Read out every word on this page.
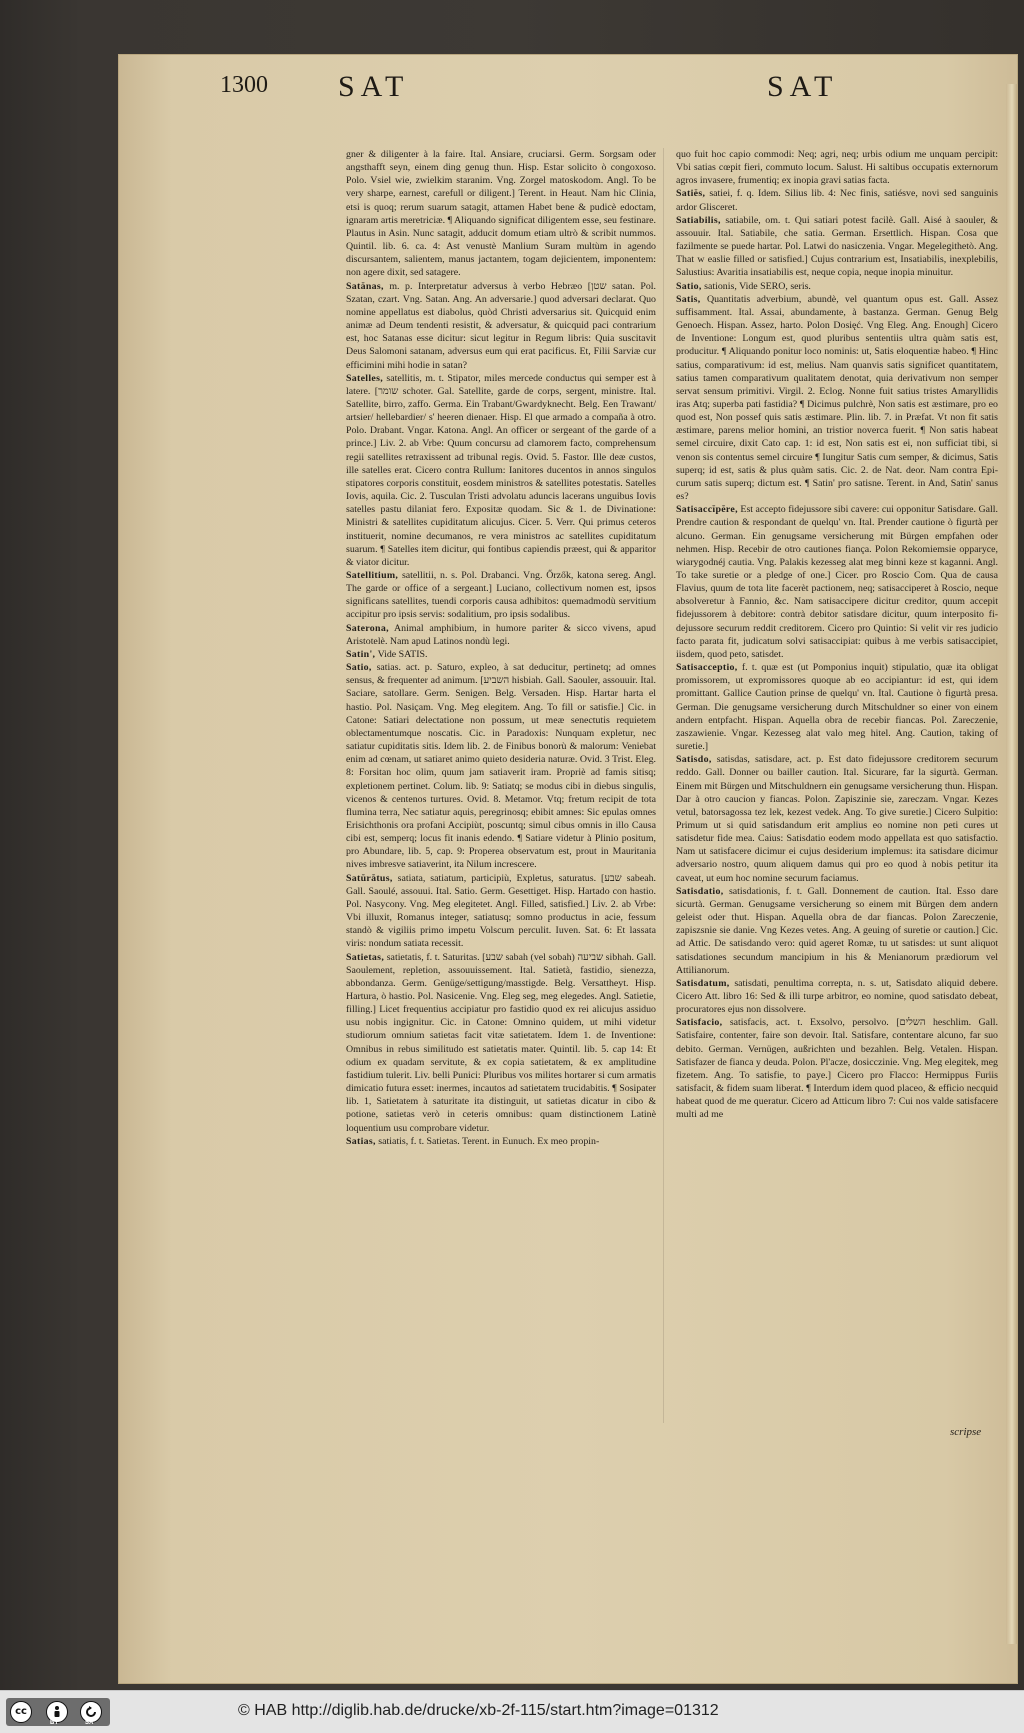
1300 SAT	SAT
gner & diligenter à la faire. Ital. Ansiare, cruciarsi. Germ. Sorgsam oder angsthafft seyn, einem ding genug thun. Hisp. Estar solicito ò congoxoso. Polo. Vsiel wie, zwielkim staranim. Vng. Zorgel matoskodom. Angl. To be very sharpe, earnest, carefull or diligent.] Terent. in Heaut. Nam hic Clinia, etsi is quoq; rerum suarum satagit, attamen Habet bene & pudicè edoctam, ignaram artis meretriciæ. ¶ Aliquando significat diligentem esse, seu festinare. Plautus in Asin. Nunc satagit, adducit domum etiam ultrò & scribit nummos. Quintil. lib. 6. ca. 4: Ast venustè Manlium Suram multùm in agendo discursantem, salientem, manus jactantem, togam dejicientem, imponentem: non agere dixit, sed satagere.
Satănas, m. p. Interpretatur adversus à verbo Hebræo [שטן satan. Pol. Szatan, czart. Vng. Satan. Ang. An adversarie.] quod adversari declarat. Quo nomine appellatus est diabolus, quòd Christi adversarius sit. Quicquid enim animæ ad Deum tendenti resistit, & adversatur, & quicquid paci contrarium est, hoc Satanas esse dicitur: sicut legitur in Regum libris: Quia suscitavit Deus Salomoni satanam, adversus eum qui erat pacificus. Et, Filii Sarviæ cur efficimini mihi hodie in satan?
Satelles, satellitis, m. t. Stipator, miles mercede conductus qui semper est à latere. [שומר schoter. Gal. Satellite, garde de corps, sergent, ministre. Ital. Satellite, birro, zaffo. Germa. Ein Trabant/Gwardyknecht. Belg. Een Trawant/ artsier/ hellebardier/ s' heeren dienaer. Hisp. El que armado a compaña à otro. Polo. Drabant. Vngar. Katona. Angl. An officer or sergeant of the garde of a prince.] Liv. 2. ab Vrbe: Quum concursu ad clamorem facto, comprehensum regii satellites retraxissent ad tribunal regis. Ovid. 5. Fastor. Ille deæ custos, ille satelles erat. Cicero contra Rullum: Ianitores ducentos in annos singulos stipatores corporis constituit, eosdem ministros & satellites potestatis. Satelles Iovis, aquila. Cic. 2. Tusculan Tristi advolatu aduncis lacerans unguibus Iovis satelles pastu dilaniat fero. Expositæ quodam. Sic & 1. de Divinatione: Ministri & satellites cupiditatum alicujus. Cicer. 5. Verr. Qui primus ceteros instituerit, nomine decumanos, re vera ministros ac satellites cupiditatum suarum. ¶ Satelles item dicitur, qui fontibus capiendis præest, qui & apparitor & viator dicitur.
Satellitium, satellitii, n. s. Pol. Drabanci. Vng. Őrzők, katona sereg. Angl. The garde or office of a sergeant.] Luciano, collectivum nomen est, ipsos significans satellites, tuendi corporis causa adhibitos: quemadmodù servitium accipitur pro ipsis servis: sodalitium, pro ipsis sodalibus.
Saterona, Animal amphibium, in humore pariter & sicco vivens, apud Aristotelè. Nam apud Latinos nondù legi.
Satin', Vide SATIS.
Satio, satias. act. p. Saturo, expleo, à sat deducitur, pertinetq; ad omnes sensus, & frequenter ad animum. [השביע hisbiah. Gall. Saouler, assouuir. Ital. Saciare, satollare. Germ. Senigen. Belg. Versaden. Hisp. Hartar harta el hastio. Pol. Nasiçam. Vng. Meg elegitem. Ang. To fill or satisfie.] Cic. in Catone: Satiari delectatione non possum, ut meæ senectutis requietem oblectamentumque noscatis. Cic. in Paradoxis: Nunquam expletur, nec satiatur cupiditatis sitis. Idem lib. 2. de Finibus bonorù & malorum: Veniebat enim ad cœnam, ut satiaret animo quieto desideria naturæ. Ovid. 3 Trist. Eleg. 8: Forsitan hoc olim, quum jam satiaverit iram. Propriè ad famis sitisq; expletionem pertinet. Colum. lib. 9: Satiatq; se modus cibi in diebus singulis, vicenos & centenos turtures. Ovid. 8. Metamor. Vtq; fretum recipit de tota flumina terra, Nec satiatur aquis, peregrinosq; ebibit amnes: Sic epulas omnes Erisichthonis ora profani Accipiùt, poscuntq; simul cibus omnis in illo Causa cibi est, semperq; locus fit inanis edendo. ¶ Satiare videtur à Plinio positum, pro Abundare, lib. 5, cap. 9: Properea observatum est, prout in Mauritania nives imbresve satiaverint, ita Nilum increscere.
Satŭrătus, satiata, satiatum, participiù, Expletus, saturatus. [שבע sabeah. Gall. Saoulé, assouui. Ital. Satio. Germ. Gesettiget. Hisp. Hartado con hastio. Pol. Nasycony. Vng. Meg elegitetet. Angl. Filled, satisfied.] Liv. 2. ab Vrbe: Vbi illuxit, Romanus integer, satiatusq; somno productus in acie, fessum standò & vigiliis primo impetu Volscum perculit. Iuven. Sat. 6: Et lassata viris: nondum satiata recessit.
Satietas, satietatis, f. t. Saturitas. [שבע sabah (vel sobah) שביעה sibhah. Gall. Saoulement, repletion, assouuissement. Ital. Satietà, fastidio, sienezza, abbondanza. Germ. Genüge/settigung/masstigde. Belg. Versattheyt. Hisp. Hartura, ò hastio. Pol. Nasicenie. Vng. Eleg seg, meg elegedes. Angl. Satietie, filling.] Licet frequentius accipiatur pro fastidio quod ex rei alicujus assiduo usu nobis ingignitur. Cic. in Catone: Omnino quidem, ut mihi videtur studiorum omnium satietas facit vitæ satietatem. Idem 1. de Inventione: Omnibus in rebus similitudo est satietatis mater. Quintil. lib. 5. cap 14: Et odium ex quadam servitute, & ex copia satietatem, & ex amplitudine fastidium tulerit. Liv. belli Punici: Pluribus vos milites hortarer si cum armatis dimicatio futura esset: inermes, incautos ad satietatem trucidabitis. ¶ Sosipater lib. 1, Satietatem à saturitate ita distinguit, ut satietas dicatur in cibo & potione, satietas verò in ceteris omnibus: quam distinctionem Latinè loquentium usu comprobare videtur.
Satias, satiatis, f. t. Satietas. Terent. in Eunuch. Ex meo propin-
quo fuit hoc capio commodi: Neq; agri, neq; urbis odium me unquam percipit: Vbi satias cœpit fieri, commuto locum. Salust. Hi saltibus occupatis externorum agros invasere, frumentiq; ex inopia gravi satias facta.
Satiĕs, satiei, f. q. Idem. Silius lib. 4: Nec finis, satiésve, novi sed sanguinis ardor Glisceret.
Satiabilis, satiabile, om. t. Qui satiari potest facilè. Gall. Aisé à saouler, & assouuir. Ital. Satiabile, che satia. German. Ersettlich. Hispan. Cosa que fazilmente se puede hartar. Pol. Latwi do nasiczenia. Vngar. Megelegithetò. Ang. That w easlie filled or satisfied.] Cujus contrarium est, Insatiabilis, inexplebilis, Salustius: Avaritia insatiabilis est, neque copia, neque inopia minuitur.
Satio, sationis, Vide SERO, seris.
Satis, Quantitatis adverbium, abundè, vel quantum opus est. Gall. Assez suffisamment. Ital. Assai, abundamente, à bastanza. German. Genug Belg Genoech. Hispan. Assez, harto. Polon Dosięć. Vng Eleg. Ang. Enough] Cicero de Inventione: Longum est, quod pluribus sententiis ultra quàm satis est, producitur. ¶ Aliquando ponitur loco nominis: ut, Satis eloquentiæ habeo. ¶ Hinc satius, comparativum: id est, melius. Nam quanvis satis significet quantitatem, satius tamen comparativum qualitatem denotat, quia derivativum non semper servat sensum primitivi. Virgil. 2. Eclog. Nonne fuit satius tristes Amaryllidis iras Atq; superba pati fastidia? ¶ Dicimus pulchrè, Non satis est æstimare, pro eo quod est, Non possef quis satis æstimare. Plin. lib. 7. in Præfat. Vt non fit satis æstimare, parens melior homini, an tristior noverca fuerit. ¶ Non satis habeat semel circuire, dixit Cato cap. 1: id est, Non satis est ei, non sufficiat tibi, si venon sis contentus semel circuire ¶ Iungitur Satis cum semper, & dicimus, Satis superq; id est, satis & plus quàm satis. Cic. 2. de Nat. deor. Nam contra Epicurum satis superq; dictum est. ¶ Satin' pro satisne. Terent. in And, Satin' sanus es?
Satisaccĭpĕre, Est accepto fidejussore sibi cavere: cui opponitur Satisdare. Gall. Prendre caution & respondant de quelqu' vn. Ital. Prender cautione ò figurtà per alcuno. German. Ein genugsame versicherung mit Bürgen empfahen oder nehmen. Hisp. Recebir de otro cautiones fiança. Polon Rekomiemsie opparyce, wiarygodnéj cautia. Vng. Palakis kezesseg alat meg binni keze st kaganni. Angl. To take suretie or a pledge of one.] Cicer. pro Roscio Com. Qua de causa Flavius, quum de tota lite facerèt pactionem, neq; satisacciperet à Roscio, neque absolveretur à Fannio, &c. Nam satisaccipere dicitur creditor, quum accepit fidejussorem à debitore: contrà debitor satisdare dicitur, quum interposito fidejussore securum reddit creditorem. Cicero pro Quintio: Si velit vir res judicio facto parata fit, judicatum solvi satisaccipiat: quibus à me verbis satisaccipiet, iisdem, quod peto, satisdet.
Satisacceptio, f. t. quæ est (ut Pomponius inquit) stipulatio, quæ ita obligat promissorem, ut expromissores quoque ab eo accipiantur: id est, qui idem promittant. Gallice Caution prinse de quelqu' vn. Ital. Cautione ò figurtà presa. German. Die genugsame versicherung durch Mitschuldner so einer von einem andern entpfacht. Hispan. Aquella obra de recebir fiancas. Pol. Zareczenie, zaszawienie. Vngar. Kezesseg alat valo meg hitel. Ang. Caution, taking of suretie.]
Satisdo, satisdas, satisdare, act. p. Est dato fidejussore creditorem securum reddo. Gall. Donner ou bailler caution. Ital. Sicurare, far la sigurtà. German. Einem mit Bürgen und Mitschuldnern ein genugsame versicherung thun. Hispan. Dar à otro caucion y fiancas. Polon. Zapiszinie sie, zareczam. Vngar. Kezes vetul, batorsagossa tez lek, kezest vedek. Ang. To give suretie.] Cicero Sulpitio: Primum ut si quid satisdandum erit amplius eo nomine non peti cures ut satisdetur fide mea. Caius: Satisdatio eodem modo appellata est quo satisfactio. Nam ut satisfacere dicimur ei cujus desiderium implemus: ita satisdare dicimur adversario nostro, quum aliquem damus qui pro eo quod à nobis petitur ita caveat, ut eum hoc nomine securum faciamus.
Satisdatio, satisdationis, f. t. Gall. Donnement de caution. Ital. Esso dare sicurtà. German. Genugsame versicherung so einem mit Bürgen dem andern geleist oder thut. Hispan. Aquella obra de dar fiancas. Polon Zareczenie, zapiszsnie sie danie. Vng Kezes vetes. Ang. A geuing of suretie or caution.] Cic. ad Attic. De satisdando vero: quid ageret Romæ, tu ut satisdes: ut sunt aliquot satisdationes secundum mancipium in his & Menianorum prædiorum vel Attilianorum.
Satisdatum, satisdati, penultima correpta, n. s. ut, Satisdato aliquid debere. Cicero Att. libro 16: Sed & illi turpe arbitror, eo nomine, quod satisdato debeat, procuratores ejus non dissolvere.
Satisfacio, satisfacis, act. t. Exsolvo, persolvo. [השלים heschlim. Gall. Satisfaire, contenter, faire son devoir. Ital. Satisfare, contentare alcuno, far suo debito. German. Vernügen, außrichten und bezahlen. Belg. Vetalen. Hispan. Satisfazer de fianca y deuda. Polon. Pl'acze, dosicczinie. Vng. Meg elegitek, meg fizetem. Ang. To satisfie, to paye.] Cicero pro Flacco: Hermippus Furiis satisfacit, & fidem suam liberat. ¶ Interdum idem quod placeo, & efficio necquid habeat quod de me queratur. Cicero ad Atticum libro 7: Cui nos valde satisfacere multi ad me
scripse
cc
BY	SA
© HAB http://diglib.hab.de/drucke/xb-2f-115/start.htm?image=01312
